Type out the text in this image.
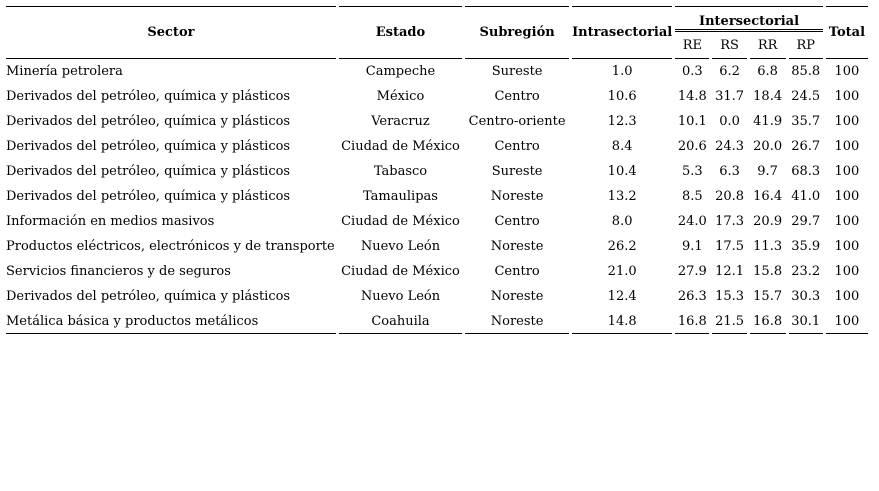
Sector	Estado	Subregión	Intrasectorial	Intersectorial				Total
				RE	RS	RR	RP	
Minería petrolera	Campeche	Sureste	1.0	0.3	6.2	6.8	85.8	100
Derivados del petróleo, química y plásticos	México	Centro	10.6	14.8	31.7	18.4	24.5	100
Derivados del petróleo, química y plásticos	Veracruz	Centro-oriente	12.3	10.1	0.0	41.9	35.7	100
Derivados del petróleo, química y plásticos	Ciudad de México	Centro	8.4	20.6	24.3	20.0	26.7	100
Derivados del petróleo, química y plásticos	Tabasco	Sureste	10.4	5.3	6.3	9.7	68.3	100
Derivados del petróleo, química y plásticos	Tamaulipas	Noreste	13.2	8.5	20.8	16.4	41.0	100
Información en medios masivos	Ciudad de México	Centro	8.0	24.0	17.3	20.9	29.7	100
Productos eléctricos, electrónicos y de transporte	Nuevo León	Noreste	26.2	9.1	17.5	11.3	35.9	100
Servicios financieros y de seguros	Ciudad de México	Centro	21.0	27.9	12.1	15.8	23.2	100
Derivados del petróleo, química y plásticos	Nuevo León	Noreste	12.4	26.3	15.3	15.7	30.3	100
Metálica básica y productos metálicos	Coahuila	Noreste	14.8	16.8	21.5	16.8	30.1	100
